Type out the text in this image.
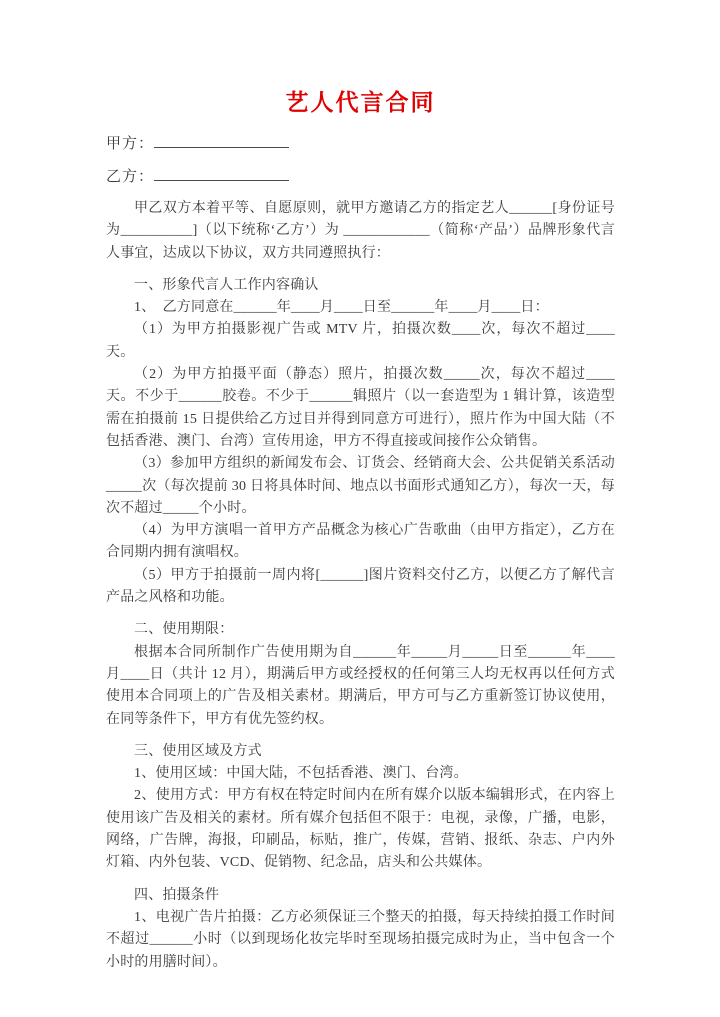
艺人代言合同
甲方：
乙方：

甲乙双方本着平等、自愿原则，就甲方邀请乙方的指定艺人______[身份证号为__________]（以下统称‘乙方’）为 ____________（简称‘产品’）品牌形象代言人事宜，达成以下协议，双方共同遵照执行：

一、形象代言人工作内容确认

1、　乙方同意在______年____月____日至______年____月____日：

（1）为甲方拍摄影视广告或 MTV 片，拍摄次数____次，每次不超过____天。

（2）为甲方拍摄平面（静态）照片，拍摄次数_____次，每次不超过____天。不少于______胶卷。不少于______辑照片（以一套造型为 1 辑计算，该造型需在拍摄前 15 日提供给乙方过目并得到同意方可进行），照片作为中国大陆（不包括香港、澳门、台湾）宣传用途，甲方不得直接或间接作公众销售。

（3）参加甲方组织的新闻发布会、订货会、经销商大会、公共促销关系活动_____次（每次提前 30 日将具体时间、地点以书面形式通知乙方），每次一天，每次不超过_____个小时。

（4）为甲方演唱一首甲方产品概念为核心广告歌曲（由甲方指定），乙方在合同期内拥有演唱权。

（5）甲方于拍摄前一周内将[______]图片资料交付乙方，以便乙方了解代言产品之风格和功能。

二、使用期限：

根据本合同所制作广告使用期为自______年_____月_____日至______年____月____日（共计 12 月），期满后甲方或经授权的任何第三人均无权再以任何方式使用本合同项上的广告及相关素材。期满后，甲方可与乙方重新签订协议使用，在同等条件下，甲方有优先签约权。

三、使用区域及方式

1、使用区域：中国大陆，不包括香港、澳门、台湾。

2、使用方式：甲方有权在特定时间内在所有媒介以版本编辑形式，在内容上使用该广告及相关的素材。所有媒介包括但不限于：电视，录像，广播，电影，网络，广告牌，海报，印刷品，标贴，推广，传媒，营销、报纸、杂志、户内外灯箱、内外包装、VCD、促销物、纪念品，店头和公共媒体。

四、拍摄条件

1、电视广告片拍摄：乙方必须保证三个整天的拍摄，每天持续拍摄工作时间不超过______小时（以到现场化妆完毕时至现场拍摄完成时为止，当中包含一个小时的用膳时间）。
